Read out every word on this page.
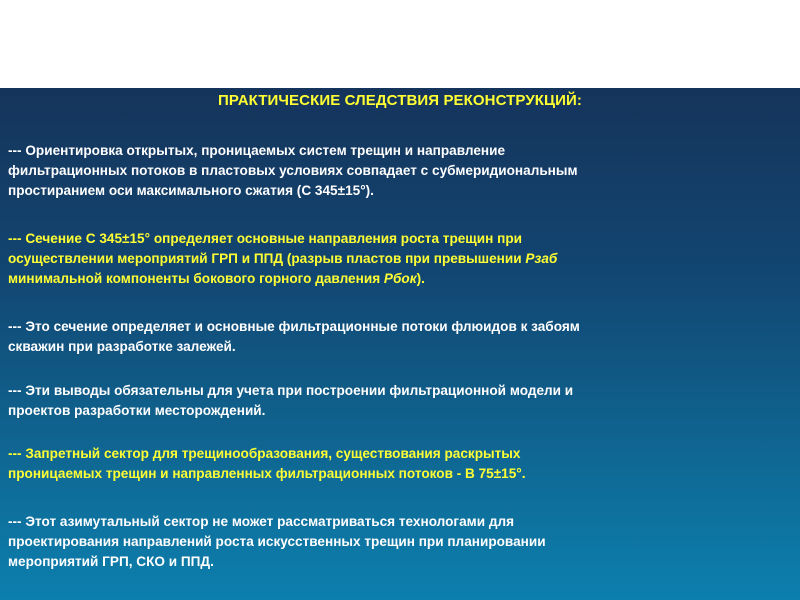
ПРАКТИЧЕСКИЕ СЛЕДСТВИЯ РЕКОНСТРУКЦИЙ:
--- Ориентировка открытых, проницаемых систем трещин и направление
фильтрационных потоков в пластовых условиях совпадает с субмеридиональным
простиранием оси максимального сжатия (С 345±15°).
--- Сечение С 345±15° определяет основные направления роста трещин при
осуществлении мероприятий ГРП и ППД (разрыв пластов при превышении Рзаб
минимальной компоненты бокового горного давления Рбок).
--- Это сечение определяет и основные фильтрационные потоки флюидов к забоям
скважин при разработке залежей.
--- Эти выводы обязательны для учета при построении фильтрационной модели и
проектов разработки месторождений.
--- Запретный сектор для трещинообразования, существования раскрытых
проницаемых трещин и направленных фильтрационных потоков - В 75±15°.
--- Этот азимутальный сектор не может рассматриваться технологами для
проектирования направлений роста искусственных трещин при планировании
мероприятий ГРП, СКО и ППД.
